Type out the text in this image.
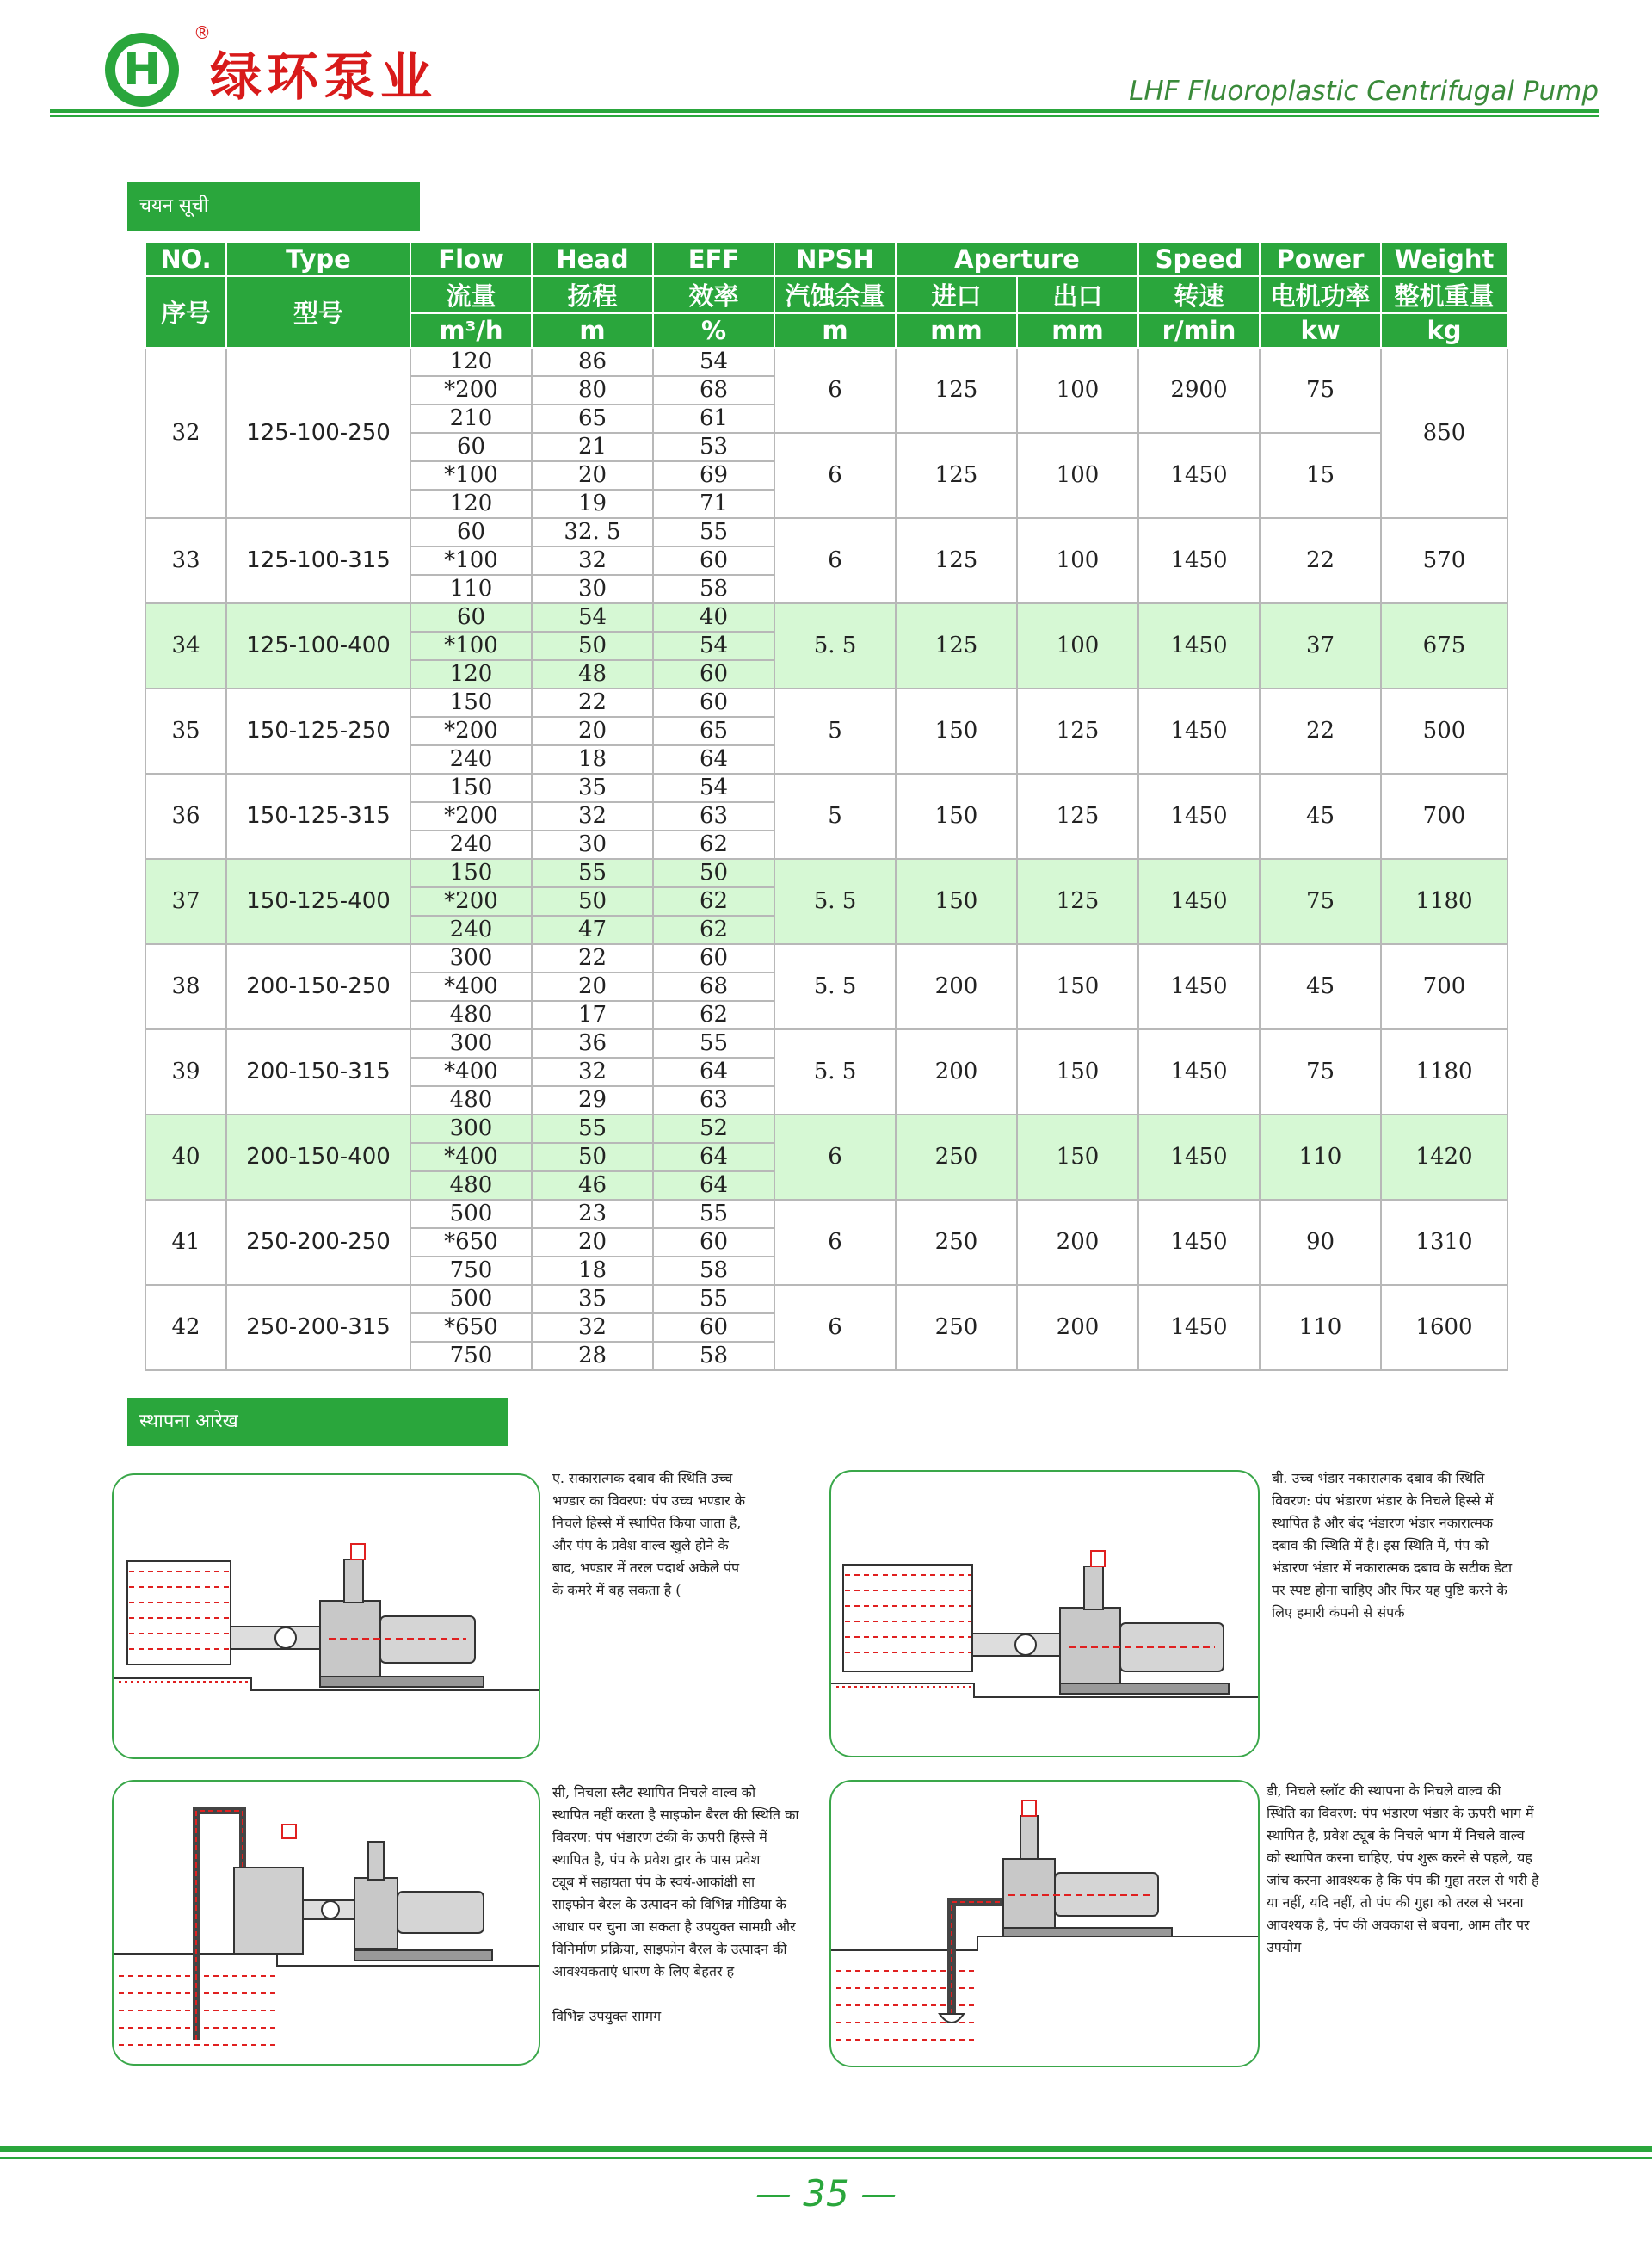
H
®
绿环泵业	LHF Fluoroplastic Centrifugal Pump
चयन सूची
NO.	Type	Flow	Head	EFF	NPSH	Aperture		Speed	Power	Weight
序号	型号	流量	扬程	效率	汽蚀余量	进口	出口	转速	电机功率	整机重量
		m³/h	m	%	m	mm	mm	r/min	kw	kg
32	125-100-250	120	86	54	6	125	100	2900	75	850
		*200	80	68						
		210	65	61						
		60	21	53	6	125	100	1450	15	
		*100	20	69						
		120	19	71						
33	125-100-315	60	32. 5	55	6	125	100	1450	22	570
		*100	32	60						
		110	30	58						
34	125-100-400	60	54	40	5. 5	125	100	1450	37	675
		*100	50	54						
		120	48	60						
35	150-125-250	150	22	60	5	150	125	1450	22	500
		*200	20	65						
		240	18	64						
36	150-125-315	150	35	54	5	150	125	1450	45	700
		*200	32	63						
		240	30	62						
37	150-125-400	150	55	50	5. 5	150	125	1450	75	1180
		*200	50	62						
		240	47	62						
38	200-150-250	300	22	60	5. 5	200	150	1450	45	700
		*400	20	68						
		480	17	62						
39	200-150-315	300	36	55	5. 5	200	150	1450	75	1180
		*400	32	64						
		480	29	63						
40	200-150-400	300	55	52	6	250	150	1450	110	1420
		*400	50	64						
		480	46	64						
41	250-200-250	500	23	55	6	250	200	1450	90	1310
		*650	20	60						
		750	18	58						
42	250-200-315	500	35	55	6	250	200	1450	110	1600
		*650	32	60						
		750	28	58						
स्थापना आरेख
ए. सकारात्मक दबाव की स्थिति उच्च
भण्डार का विवरण: पंप उच्च भण्डार के
निचले हिस्से में स्थापित किया जाता है,
और पंप के प्रवेश वाल्व खुले होने के
बाद, भण्डार में तरल पदार्थ अकेले पंप
के कमरे में बह सकता है (
बी. उच्च भंडार नकारात्मक दबाव की स्थिति
विवरण: पंप भंडारण भंडार के निचले हिस्से में
स्थापित है और बंद भंडारण भंडार नकारात्मक
दबाव की स्थिति में है। इस स्थिति में, पंप को
भंडारण भंडार में नकारात्मक दबाव के सटीक डेटा
पर स्पष्ट होना चाहिए और फिर यह पुष्टि करने के
लिए हमारी कंपनी से संपर्क
सी, निचला स्लैट स्थापित निचले वाल्व को
स्थापित नहीं करता है साइफोन बैरल की स्थिति का
विवरण: पंप भंडारण टंकी के ऊपरी हिस्से में
स्थापित है, पंप के प्रवेश द्वार के पास प्रवेश
ट्यूब में सहायता पंप के स्वयं-आकांक्षी सा
साइफोन बैरल के उत्पादन को विभिन्न मीडिया के
आधार पर चुना जा सकता है उपयुक्त सामग्री और
विनिर्माण प्रक्रिया, साइफोन बैरल के उत्पादन की
आवश्यकताएं धारण के लिए बेहतर ह
विभिन्न उपयुक्त सामग
डी, निचले स्लॉट की स्थापना के निचले वाल्व की
स्थिति का विवरण: पंप भंडारण भंडार के ऊपरी भाग में
स्थापित है, प्रवेश ट्यूब के निचले भाग में निचले वाल्व
को स्थापित करना चाहिए, पंप शुरू करने से पहले, यह
जांच करना आवश्यक है कि पंप की गुहा तरल से भरी है
या नहीं, यदि नहीं, तो पंप की गुहा को तरल से भरना
आवश्यक है, पंप की अवकाश से बचना, आम तौर पर
उपयोग
— 35 —
